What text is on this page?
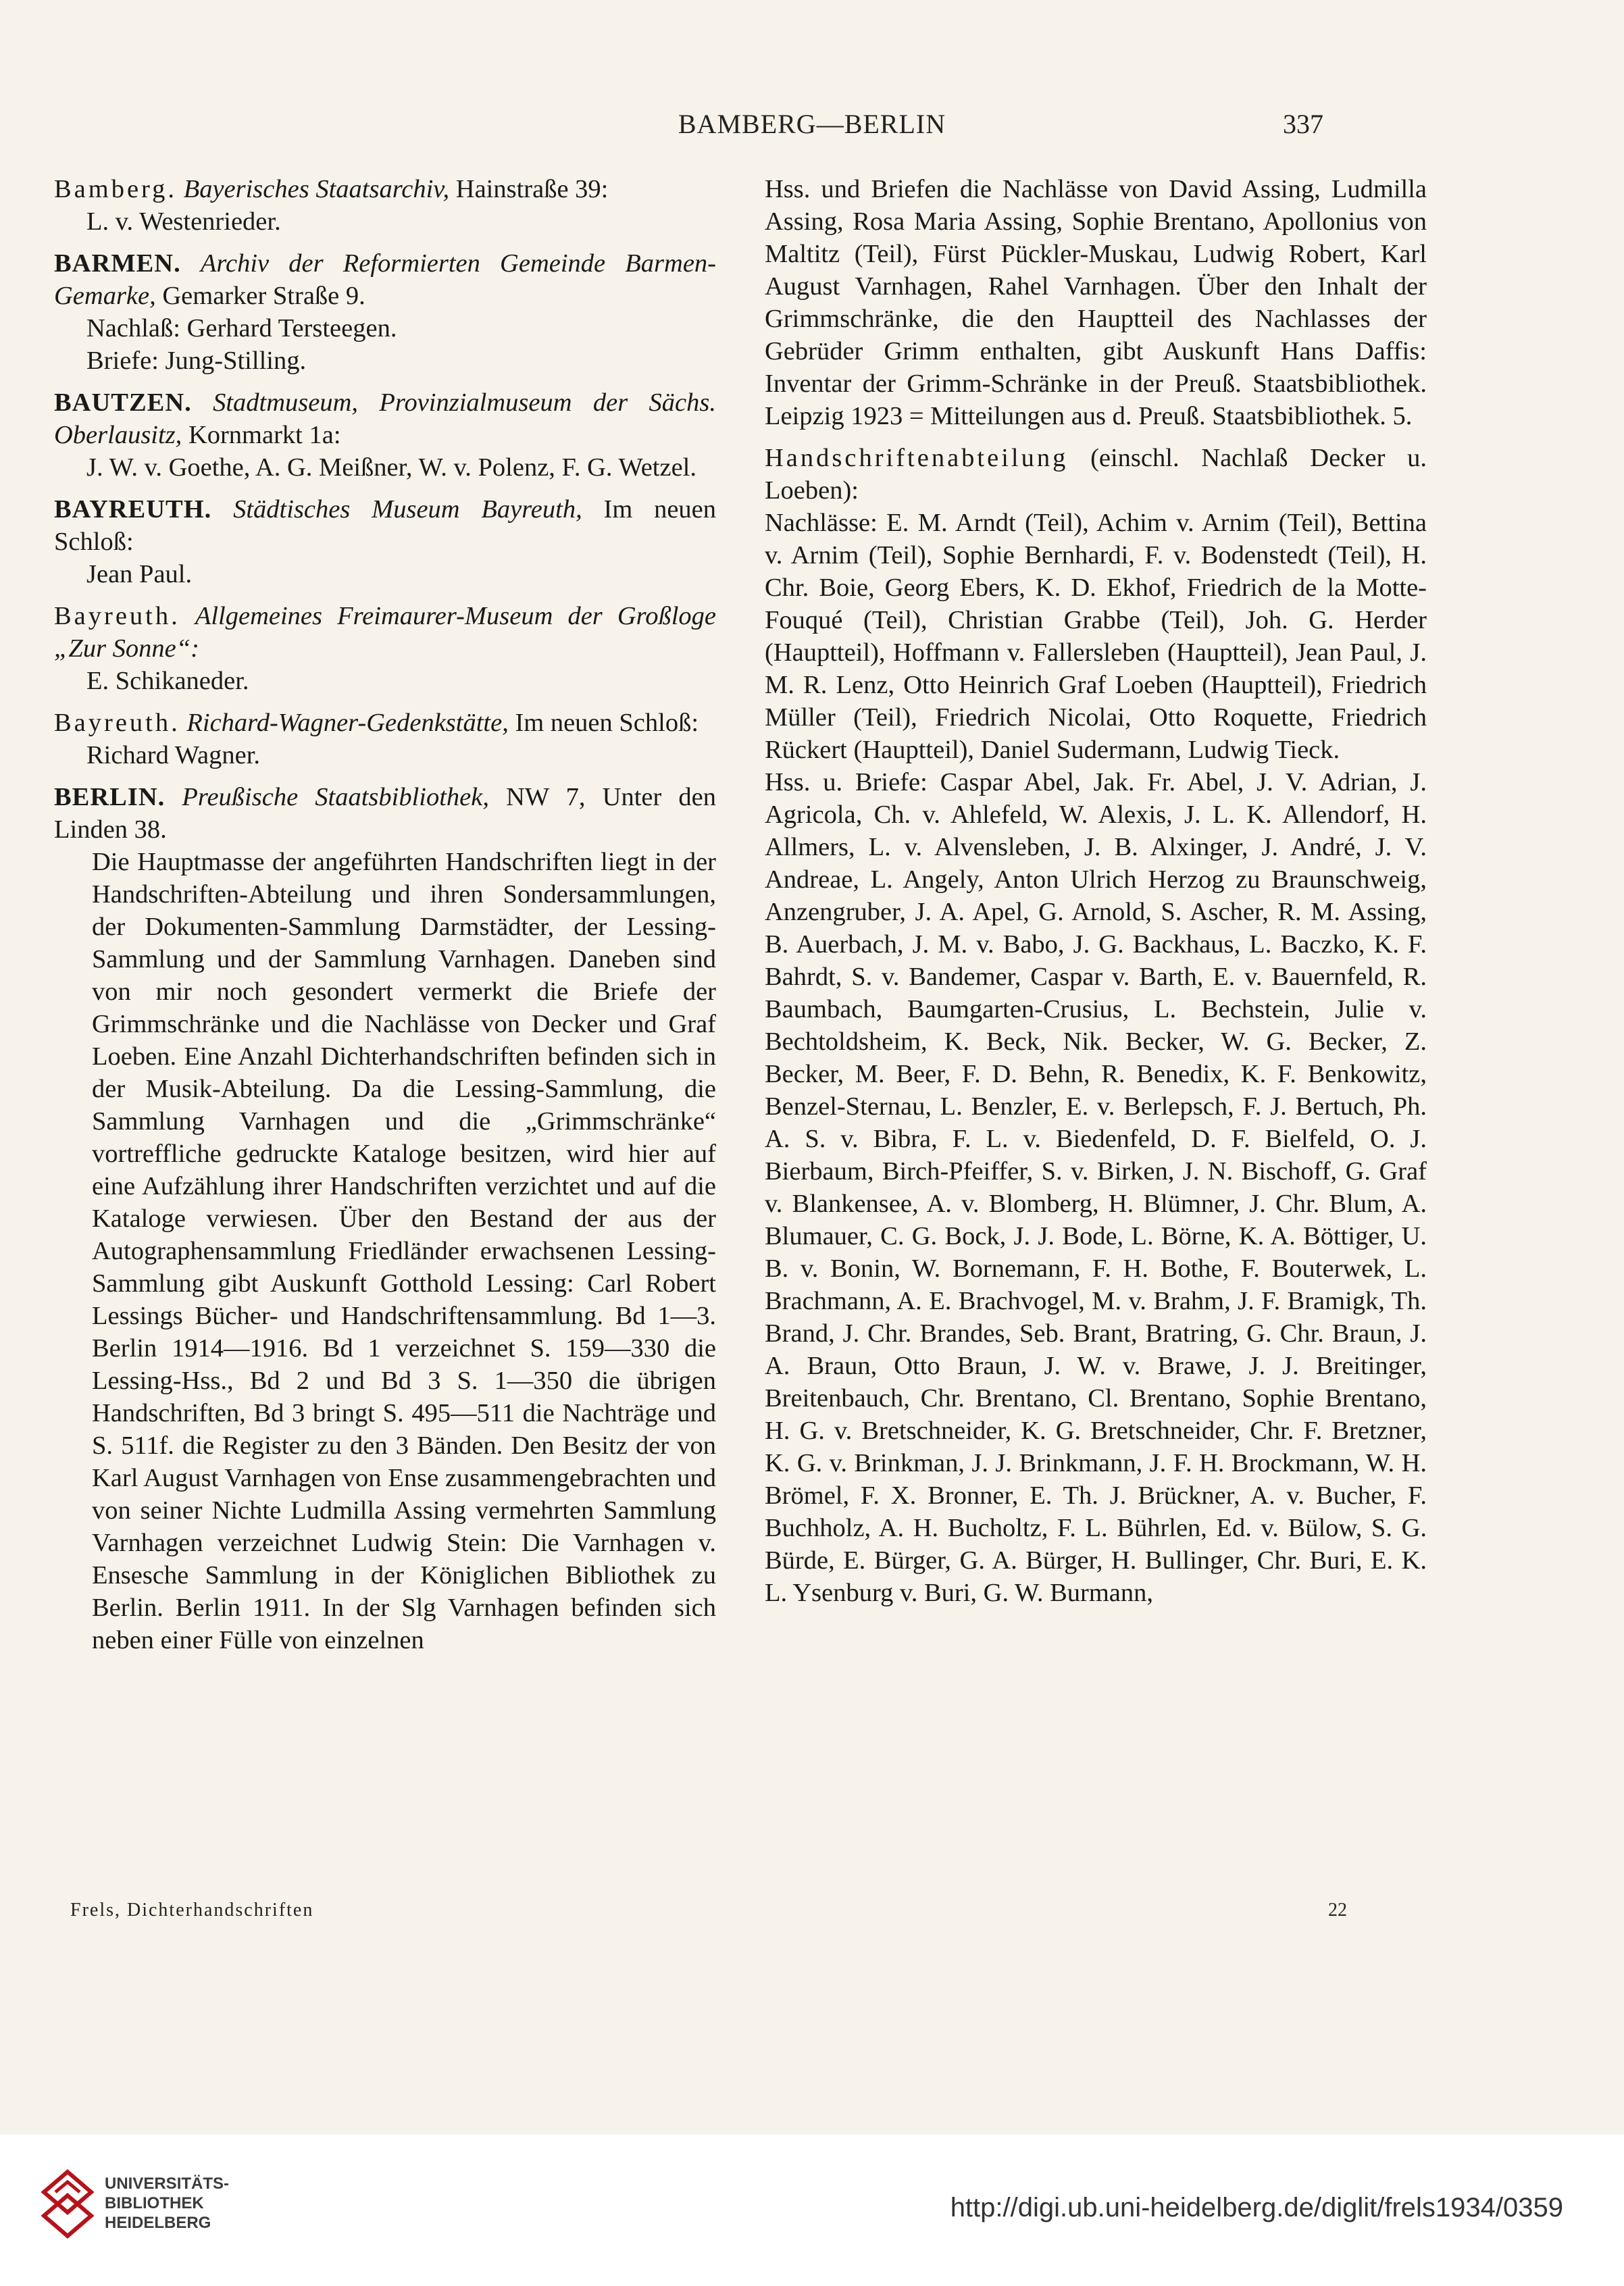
BAMBERG—BERLIN	337
Bamberg. Bayerisches Staatsarchiv, Hainstraße 39:
L. v. Westenrieder.
BARMEN. Archiv der Reformierten Gemeinde Barmen-Gemarke, Gemarker Straße 9.
Nachlaß: Gerhard Tersteegen.
Briefe: Jung-Stilling.
BAUTZEN. Stadtmuseum, Provinzialmuseum der Sächs. Oberlausitz, Kornmarkt 1a:
J. W. v. Goethe, A. G. Meißner, W. v. Polenz, F. G. Wetzel.
BAYREUTH. Städtisches Museum Bayreuth, Im neuen Schloß:
Jean Paul.
Bayreuth. Allgemeines Freimaurer-Museum der Großloge „Zur Sonne“:
E. Schikaneder.
Bayreuth. Richard-Wagner-Gedenkstätte, Im neuen Schloß:
Richard Wagner.
BERLIN. Preußische Staatsbibliothek, NW 7, Unter den Linden 38.
Die Hauptmasse der angeführten Handschriften liegt in der Handschriften-Abteilung und ihren Sondersammlungen, der Dokumenten-Sammlung Darmstädter, der Lessing-Sammlung und der Sammlung Varnhagen. Daneben sind von mir noch gesondert vermerkt die Briefe der Grimmschränke und die Nachlässe von Decker und Graf Loeben. Eine Anzahl Dichterhandschriften befinden sich in der Musik-Abteilung. Da die Lessing-Sammlung, die Sammlung Varnhagen und die „Grimmschränke“ vortreffliche gedruckte Kataloge besitzen, wird hier auf eine Aufzählung ihrer Handschriften verzichtet und auf die Kataloge verwiesen. Über den Bestand der aus der Autographensammlung Friedländer erwachsenen Lessing-Sammlung gibt Auskunft Gotthold Lessing: Carl Robert Lessings Bücher- und Handschriftensammlung. Bd 1—3. Berlin 1914—1916. Bd 1 verzeichnet S. 159—330 die Lessing-Hss., Bd 2 und Bd 3 S. 1—350 die übrigen Handschriften, Bd 3 bringt S. 495—511 die Nachträge und S. 511f. die Register zu den 3 Bänden. Den Besitz der von Karl August Varnhagen von Ense zusammengebrachten und von seiner Nichte Ludmilla Assing vermehrten Sammlung Varnhagen verzeichnet Ludwig Stein: Die Varnhagen v. Ensesche Sammlung in der Königlichen Bibliothek zu Berlin. Berlin 1911. In der Slg Varnhagen befinden sich neben einer Fülle von einzelnen
Hss. und Briefen die Nachlässe von David Assing, Ludmilla Assing, Rosa Maria Assing, Sophie Brentano, Apollonius von Maltitz (Teil), Fürst Pückler-Muskau, Ludwig Robert, Karl August Varnhagen, Rahel Varnhagen. Über den Inhalt der Grimmschränke, die den Hauptteil des Nachlasses der Gebrüder Grimm enthalten, gibt Auskunft Hans Daffis: Inventar der Grimm-Schränke in der Preuß. Staatsbibliothek. Leipzig 1923 = Mitteilungen aus d. Preuß. Staatsbibliothek. 5.
Handschriftenabteilung (einschl. Nachlaß Decker u. Loeben):
Nachlässe: E. M. Arndt (Teil), Achim v. Arnim (Teil), Bettina v. Arnim (Teil), Sophie Bernhardi, F. v. Bodenstedt (Teil), H. Chr. Boie, Georg Ebers, K. D. Ekhof, Friedrich de la Motte-Fouqué (Teil), Christian Grabbe (Teil), Joh. G. Herder (Hauptteil), Hoffmann v. Fallersleben (Hauptteil), Jean Paul, J. M. R. Lenz, Otto Heinrich Graf Loeben (Hauptteil), Friedrich Müller (Teil), Friedrich Nicolai, Otto Roquette, Friedrich Rückert (Hauptteil), Daniel Sudermann, Ludwig Tieck.
Hss. u. Briefe: Caspar Abel, Jak. Fr. Abel, J. V. Adrian, J. Agricola, Ch. v. Ahlefeld, W. Alexis, J. L. K. Allendorf, H. Allmers, L. v. Alvensleben, J. B. Alxinger, J. André, J. V. Andreae, L. Angely, Anton Ulrich Herzog zu Braunschweig, Anzengruber, J. A. Apel, G. Arnold, S. Ascher, R. M. Assing, B. Auerbach, J. M. v. Babo, J. G. Backhaus, L. Baczko, K. F. Bahrdt, S. v. Bandemer, Caspar v. Barth, E. v. Bauernfeld, R. Baumbach, Baumgarten-Crusius, L. Bechstein, Julie v. Bechtoldsheim, K. Beck, Nik. Becker, W. G. Becker, Z. Becker, M. Beer, F. D. Behn, R. Benedix, K. F. Benkowitz, Benzel-Sternau, L. Benzler, E. v. Berlepsch, F. J. Bertuch, Ph. A. S. v. Bibra, F. L. v. Biedenfeld, D. F. Bielfeld, O. J. Bierbaum, Birch-Pfeiffer, S. v. Birken, J. N. Bischoff, G. Graf v. Blankensee, A. v. Blomberg, H. Blümner, J. Chr. Blum, A. Blumauer, C. G. Bock, J. J. Bode, L. Börne, K. A. Böttiger, U. B. v. Bonin, W. Bornemann, F. H. Bothe, F. Bouterwek, L. Brachmann, A. E. Brachvogel, M. v. Brahm, J. F. Bramigk, Th. Brand, J. Chr. Brandes, Seb. Brant, Bratring, G. Chr. Braun, J. A. Braun, Otto Braun, J. W. v. Brawe, J. J. Breitinger, Breitenbauch, Chr. Brentano, Cl. Brentano, Sophie Brentano, H. G. v. Bretschneider, K. G. Bretschneider, Chr. F. Bretzner, K. G. v. Brinkman, J. J. Brinkmann, J. F. H. Brockmann, W. H. Brömel, F. X. Bronner, E. Th. J. Brückner, A. v. Bucher, F. Buchholz, A. H. Bucholtz, F. L. Bührlen, Ed. v. Bülow, S. G. Bürde, E. Bürger, G. A. Bürger, H. Bullinger, Chr. Buri, E. K. L. Ysenburg v. Buri, G. W. Burmann,
Frels, Dichterhandschriften	22
UNIVERSITÄTS-
BIBLIOTHEK
HEIDELBERG
http://digi.ub.uni-heidelberg.de/diglit/frels1934/0359
